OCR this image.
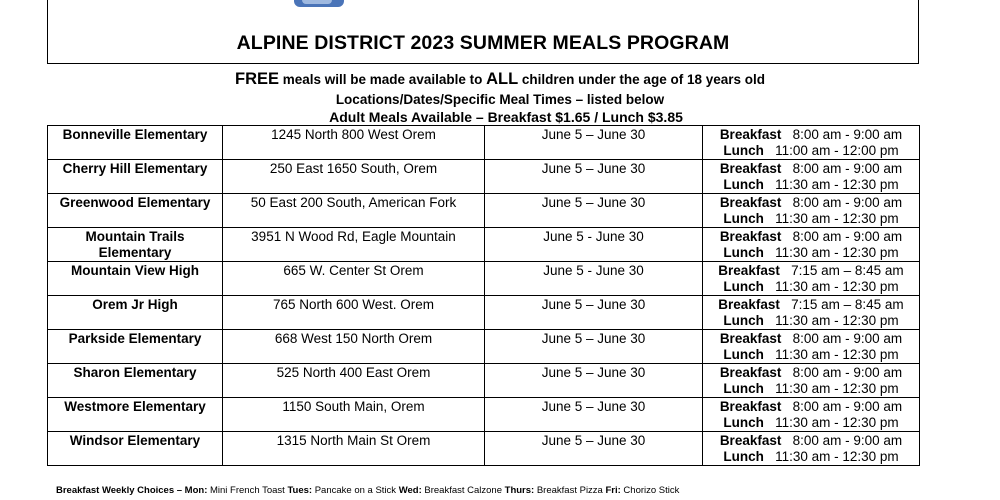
ALPINE DISTRICT 2023 SUMMER MEALS PROGRAM
FREE meals will be made available to ALL children under the age of 18 years old
Locations/Dates/Specific Meal Times – listed below
Adult Meals Available – Breakfast $1.65 / Lunch $3.85
Bonneville Elementary	1245 North 800 West Orem	June 5 – June 30	Breakfast 8:00 am - 9:00 am
Lunch 11:00 am - 12:00 pm

Cherry Hill Elementary	250 East 1650 South, Orem	June 5 – June 30	Breakfast 8:00 am - 9:00 am
Lunch 11:30 am - 12:30 pm

Greenwood Elementary	50 East 200 South, American Fork	June 5 – June 30	Breakfast 8:00 am - 9:00 am
Lunch 11:30 am - 12:30 pm

Mountain Trails Elementary	3951 N Wood Rd, Eagle Mountain	June 5 - June 30	Breakfast 8:00 am - 9:00 am
Lunch 11:30 am - 12:30 pm

Mountain View High	665 W. Center St Orem	June 5 - June 30	Breakfast 7:15 am – 8:45 am
Lunch 11:30 am - 12:30 pm

Orem Jr High	765 North 600 West. Orem	June 5 – June 30	Breakfast 7:15 am – 8:45 am
Lunch 11:30 am - 12:30 pm

Parkside Elementary	668 West 150 North Orem	June 5 – June 30	Breakfast 8:00 am - 9:00 am
Lunch 11:30 am - 12:30 pm

Sharon Elementary	525 North 400 East Orem	June 5 – June 30	Breakfast 8:00 am - 9:00 am
Lunch 11:30 am - 12:30 pm

Westmore Elementary	1150 South Main, Orem	June 5 – June 30	Breakfast 8:00 am - 9:00 am
Lunch 11:30 am - 12:30 pm

Windsor Elementary	1315 North Main St Orem	June 5 – June 30	Breakfast 8:00 am - 9:00 am
Lunch 11:30 am - 12:30 pm
Breakfast Weekly Choices – Mon: Mini French Toast Tues: Pancake on a Stick Wed: Breakfast Calzone Thurs: Breakfast Pizza Fri: Chorizo Stick
